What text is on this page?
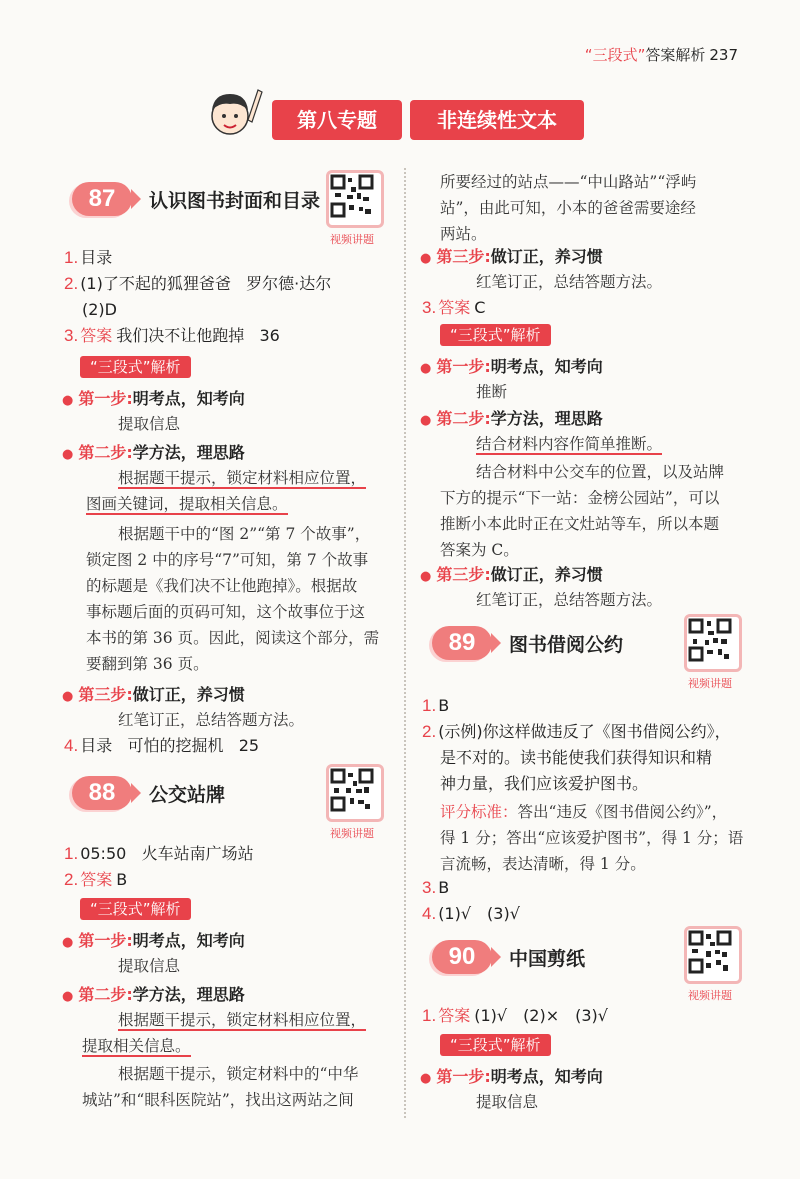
“三段式”答案解析 237
第八专题	非连续性文本
87	认识图书封面和目录
视频讲题
1. 目录
2. (1)了不起的狐狸爸爸 罗尔德·达尔
(2)D
3. 答案 我们决不让他跑掉 36
“三段式”解析
● 第一步:明考点，知考向
提取信息
● 第二步:学方法，理思路
根据题干提示，锁定材料相应位置，
图画关键词，提取相关信息。
根据题干中的“图 2”“第 7 个故事”，
锁定图 2 中的序号“7”可知，第 7 个故事
的标题是《我们决不让他跑掉》。根据故
事标题后面的页码可知，这个故事位于这
本书的第 36 页。因此，阅读这个部分，需
要翻到第 36 页。
● 第三步:做订正，养习惯
红笔订正，总结答题方法。
4. 目录 可怕的挖掘机 25
88	公交站牌
视频讲题
1. 05:50 火车站南广场站
2. 答案 B
“三段式”解析
● 第一步:明考点，知考向
提取信息
● 第二步:学方法，理思路
根据题干提示，锁定材料相应位置，
提取相关信息。
根据题干提示，锁定材料中的“中华
城站”和“眼科医院站”，找出这两站之间
所要经过的站点——“中山路站”“浮屿
站”，由此可知，小本的爸爸需要途经
两站。
● 第三步:做订正，养习惯
红笔订正，总结答题方法。
3. 答案 C
“三段式”解析
● 第一步:明考点，知考向
推断
● 第二步:学方法，理思路
结合材料内容作简单推断。
结合材料中公交车的位置，以及站牌
下方的提示“下一站：金榜公园站”，可以
推断小本此时正在文灶站等车，所以本题
答案为 C。
● 第三步:做订正，养习惯
红笔订正，总结答题方法。
89	图书借阅公约
视频讲题
1. B
2. (示例)你这样做违反了《图书借阅公约》，
是不对的。读书能使我们获得知识和精
神力量，我们应该爱护图书。
评分标准：答出“违反《图书借阅公约》”，
得 1 分；答出“应该爱护图书”，得 1 分；语
言流畅，表达清晰，得 1 分。
3. B
4. (1)√　(3)√
90	中国剪纸
视频讲题
1. 答案 (1)√　(2)×　(3)√
“三段式”解析
● 第一步:明考点，知考向
提取信息
